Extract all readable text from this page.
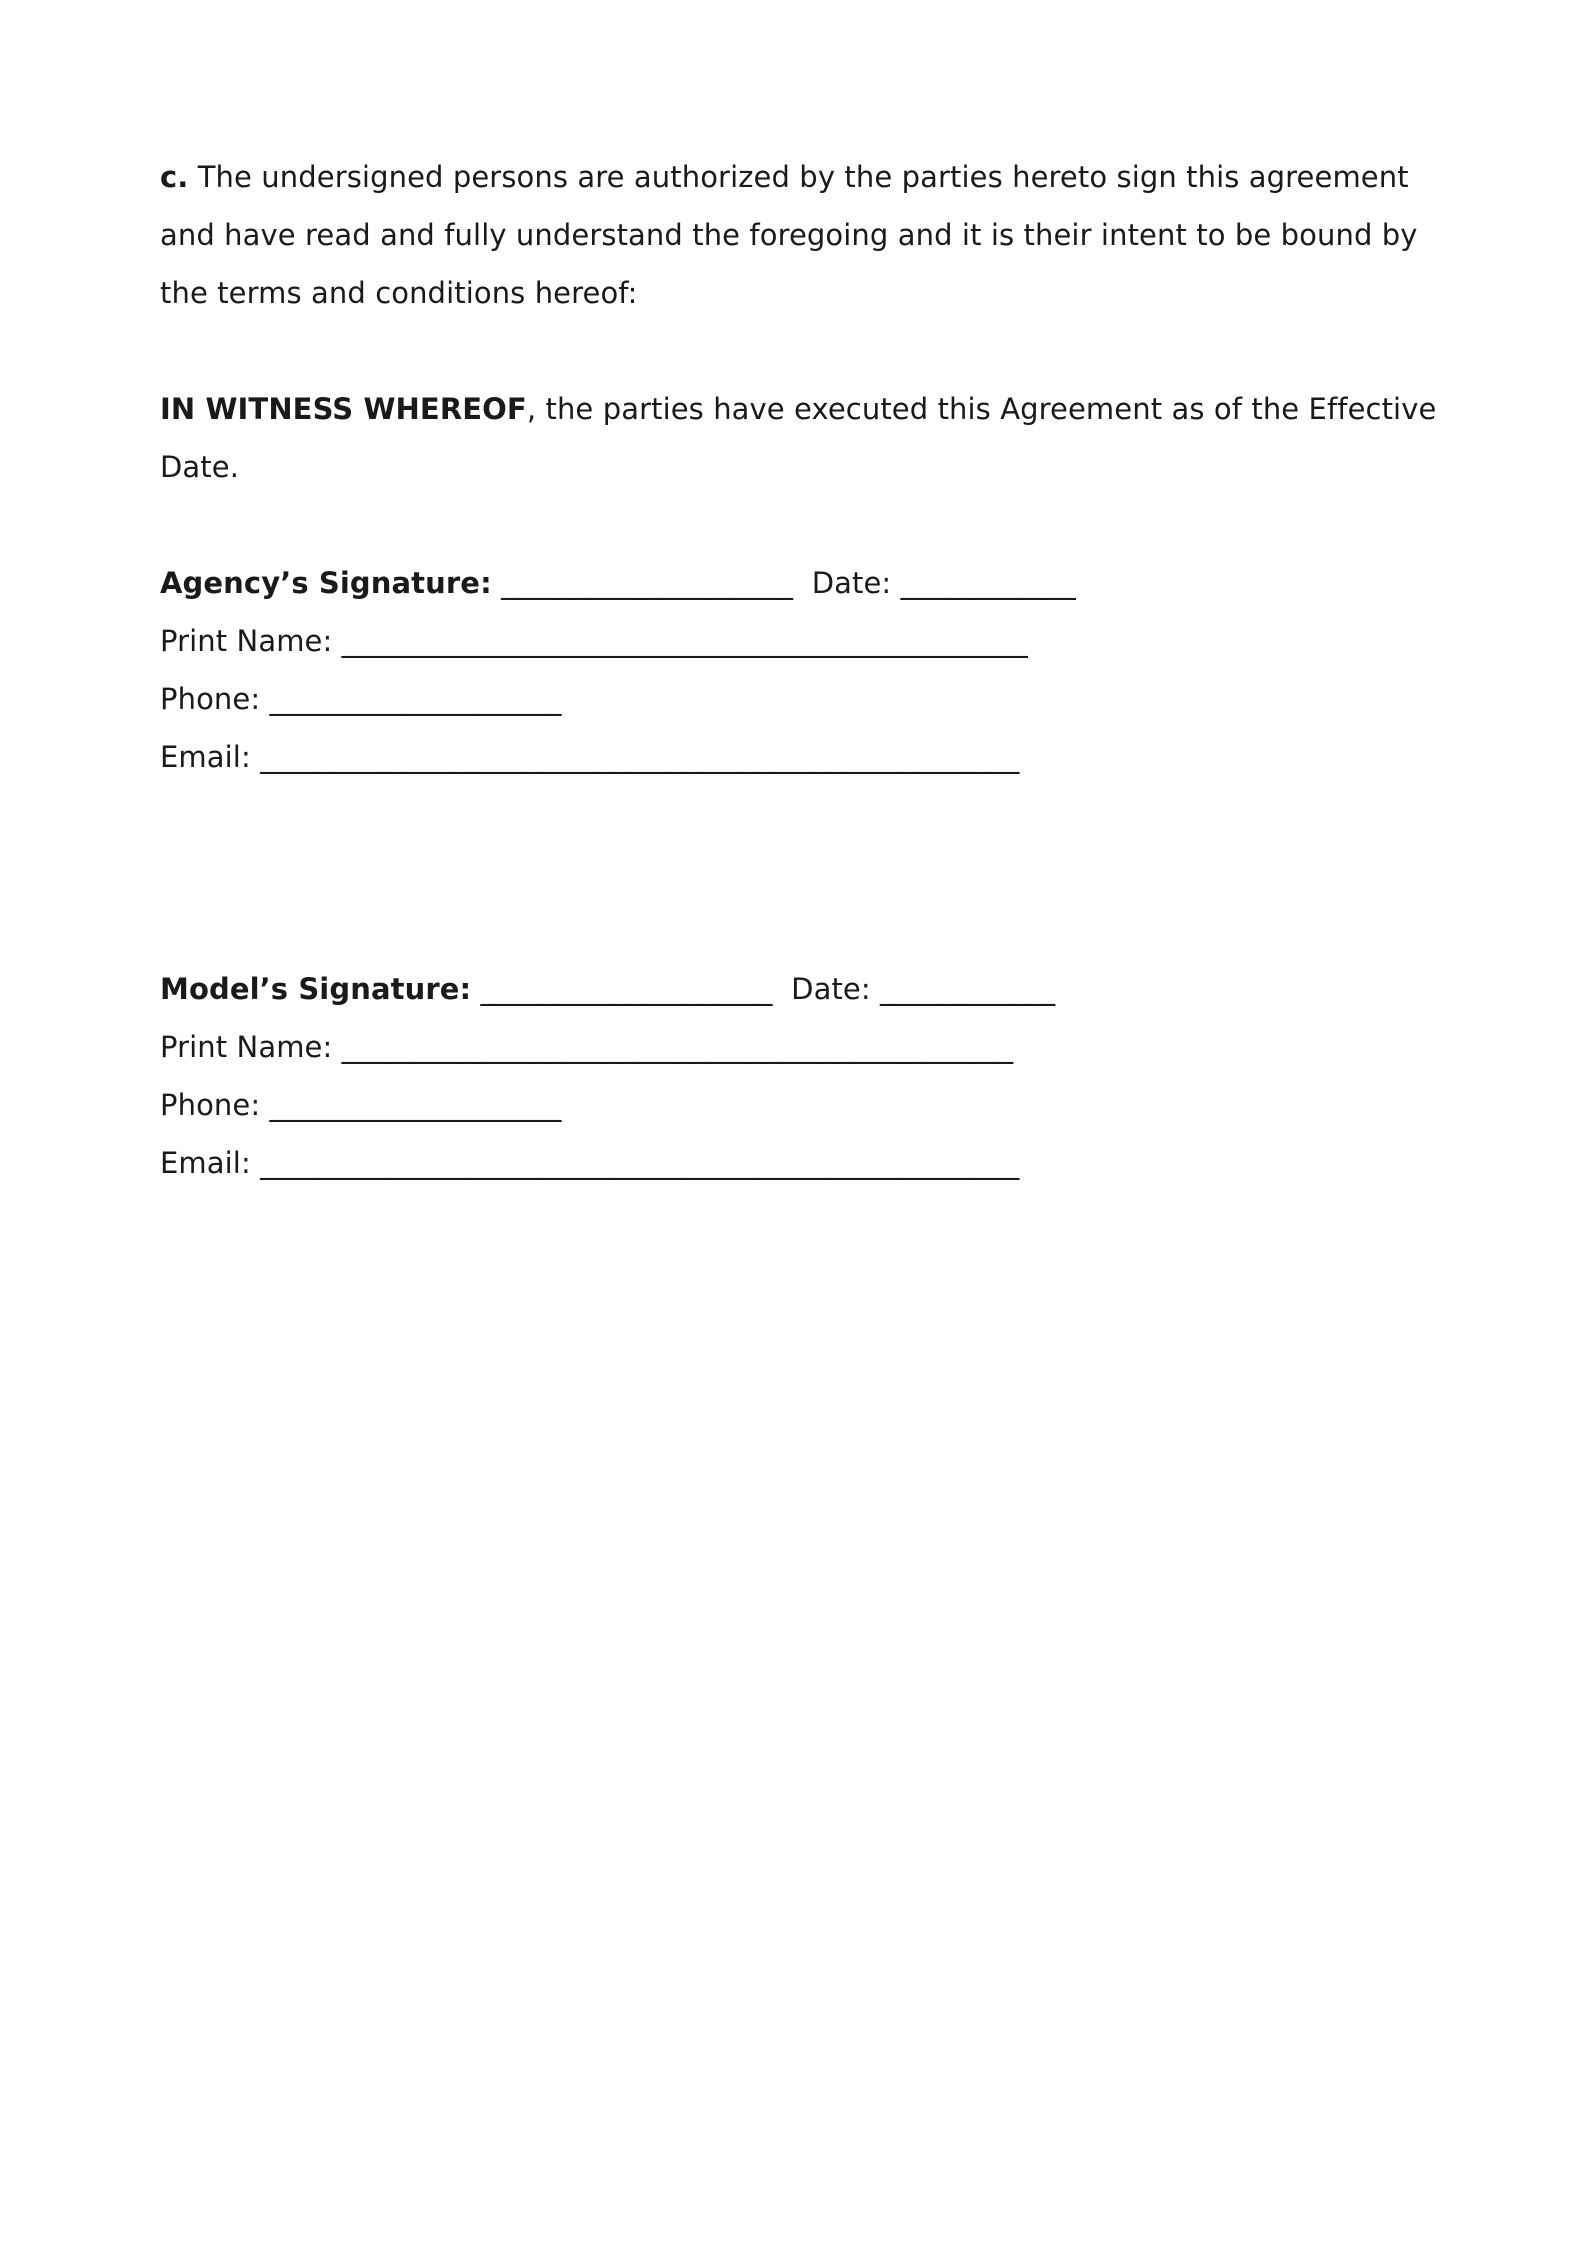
c. The undersigned persons are authorized by the parties hereto sign this agreement and have read and fully understand the foregoing and it is their intent to be bound by the terms and conditions hereof:

IN WITNESS WHEREOF, the parties have executed this Agreement as of the Effective Date.

Agency’s Signature: ____________________  Date: ____________
Print Name: _______________________________________________
Phone: ____________________
Email: ____________________________________________________
Model’s Signature: ____________________  Date: ____________
Print Name: ______________________________________________
Phone: ____________________
Email: ____________________________________________________
